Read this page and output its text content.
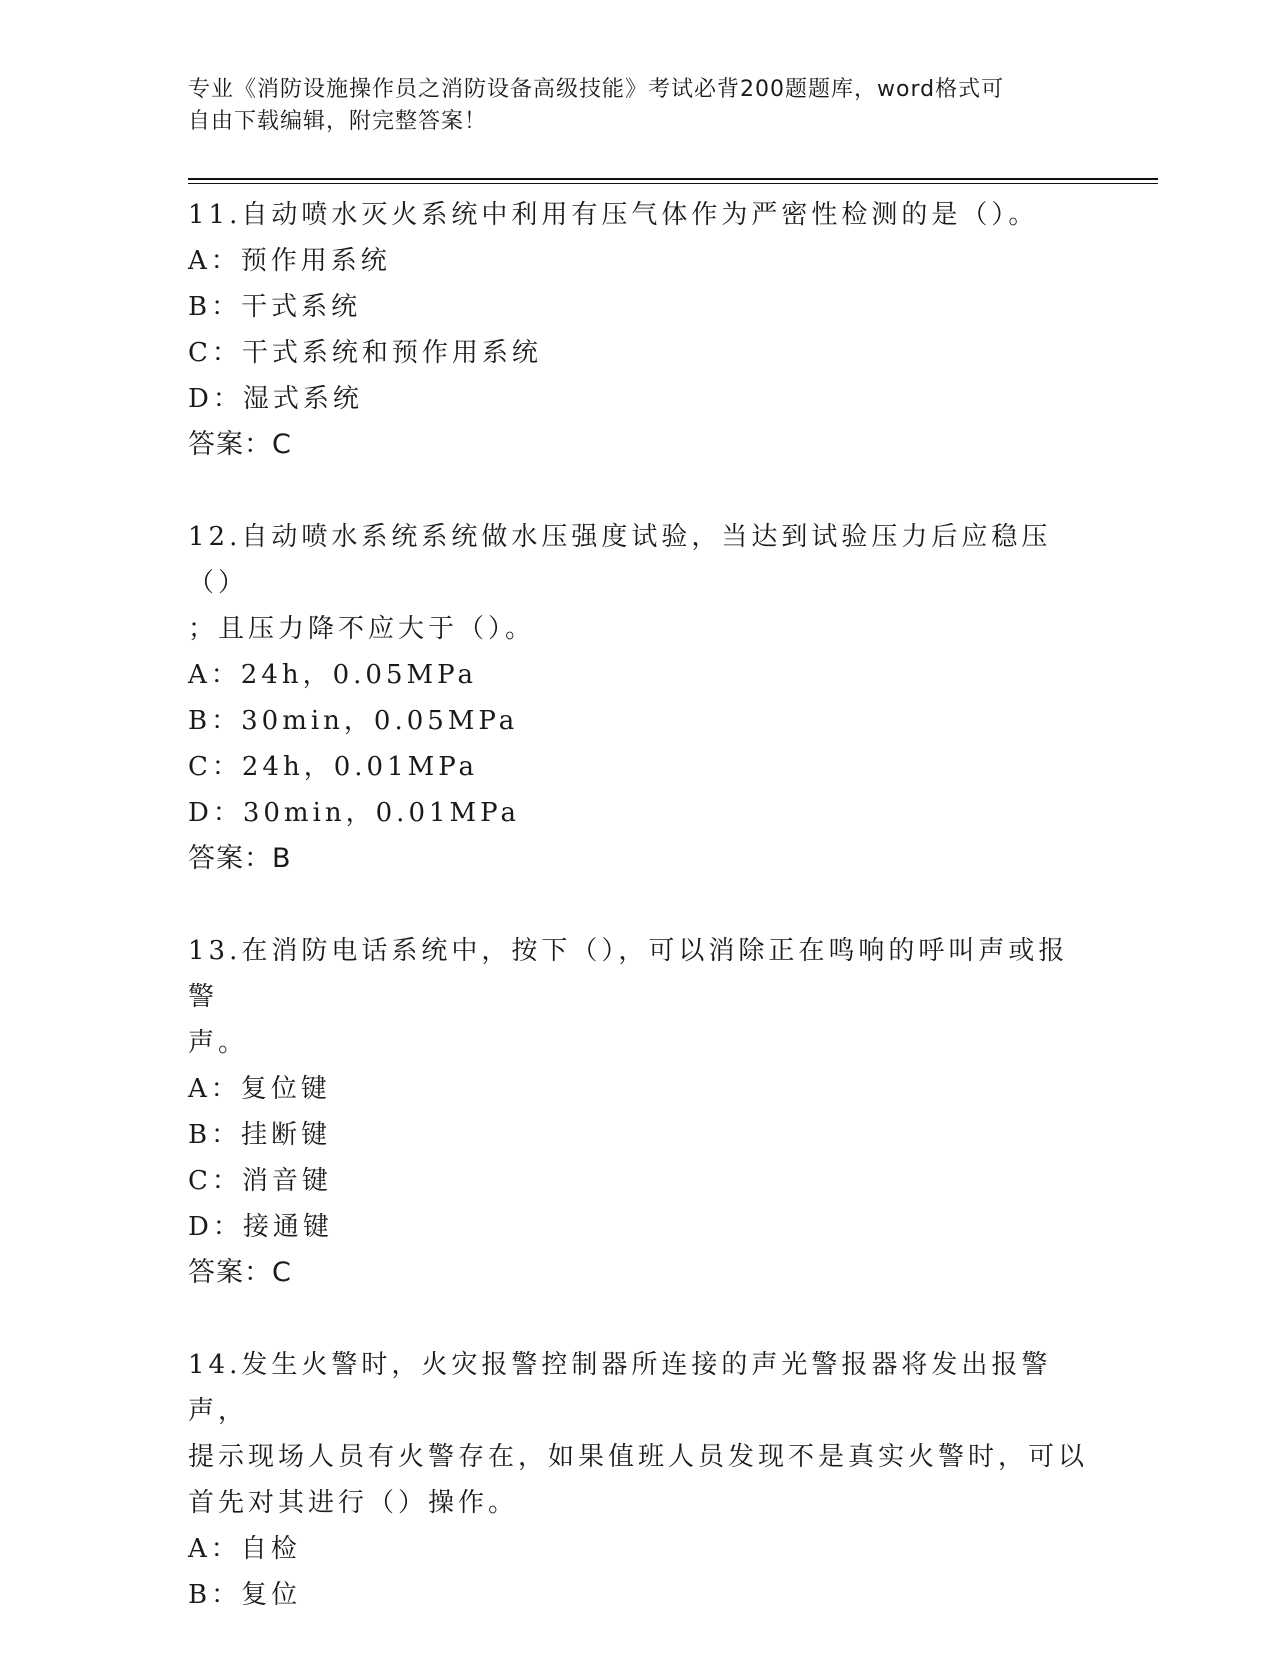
专业《消防设施操作员之消防设备高级技能》考试必背200题题库，word格式可
自由下载编辑，附完整答案！

11.自动喷水灭火系统中利用有压气体作为严密性检测的是（）。

A：预作用系统

B：干式系统

C：干式系统和预作用系统

D：湿式系统

答案：C

12.自动喷水系统系统做水压强度试验，当达到试验压力后应稳压（）

；且压力降不应大于（）。

A：24h，0.05MPa

B：30min，0.05MPa

C：24h，0.01MPa

D：30min，0.01MPa

答案：B

13.在消防电话系统中，按下（），可以消除正在鸣响的呼叫声或报警

声。

A：复位键

B：挂断键

C：消音键

D：接通键

答案：C

14.发生火警时，火灾报警控制器所连接的声光警报器将发出报警声，

提示现场人员有火警存在，如果值班人员发现不是真实火警时，可以

首先对其进行（）操作。

A：自检

B：复位
